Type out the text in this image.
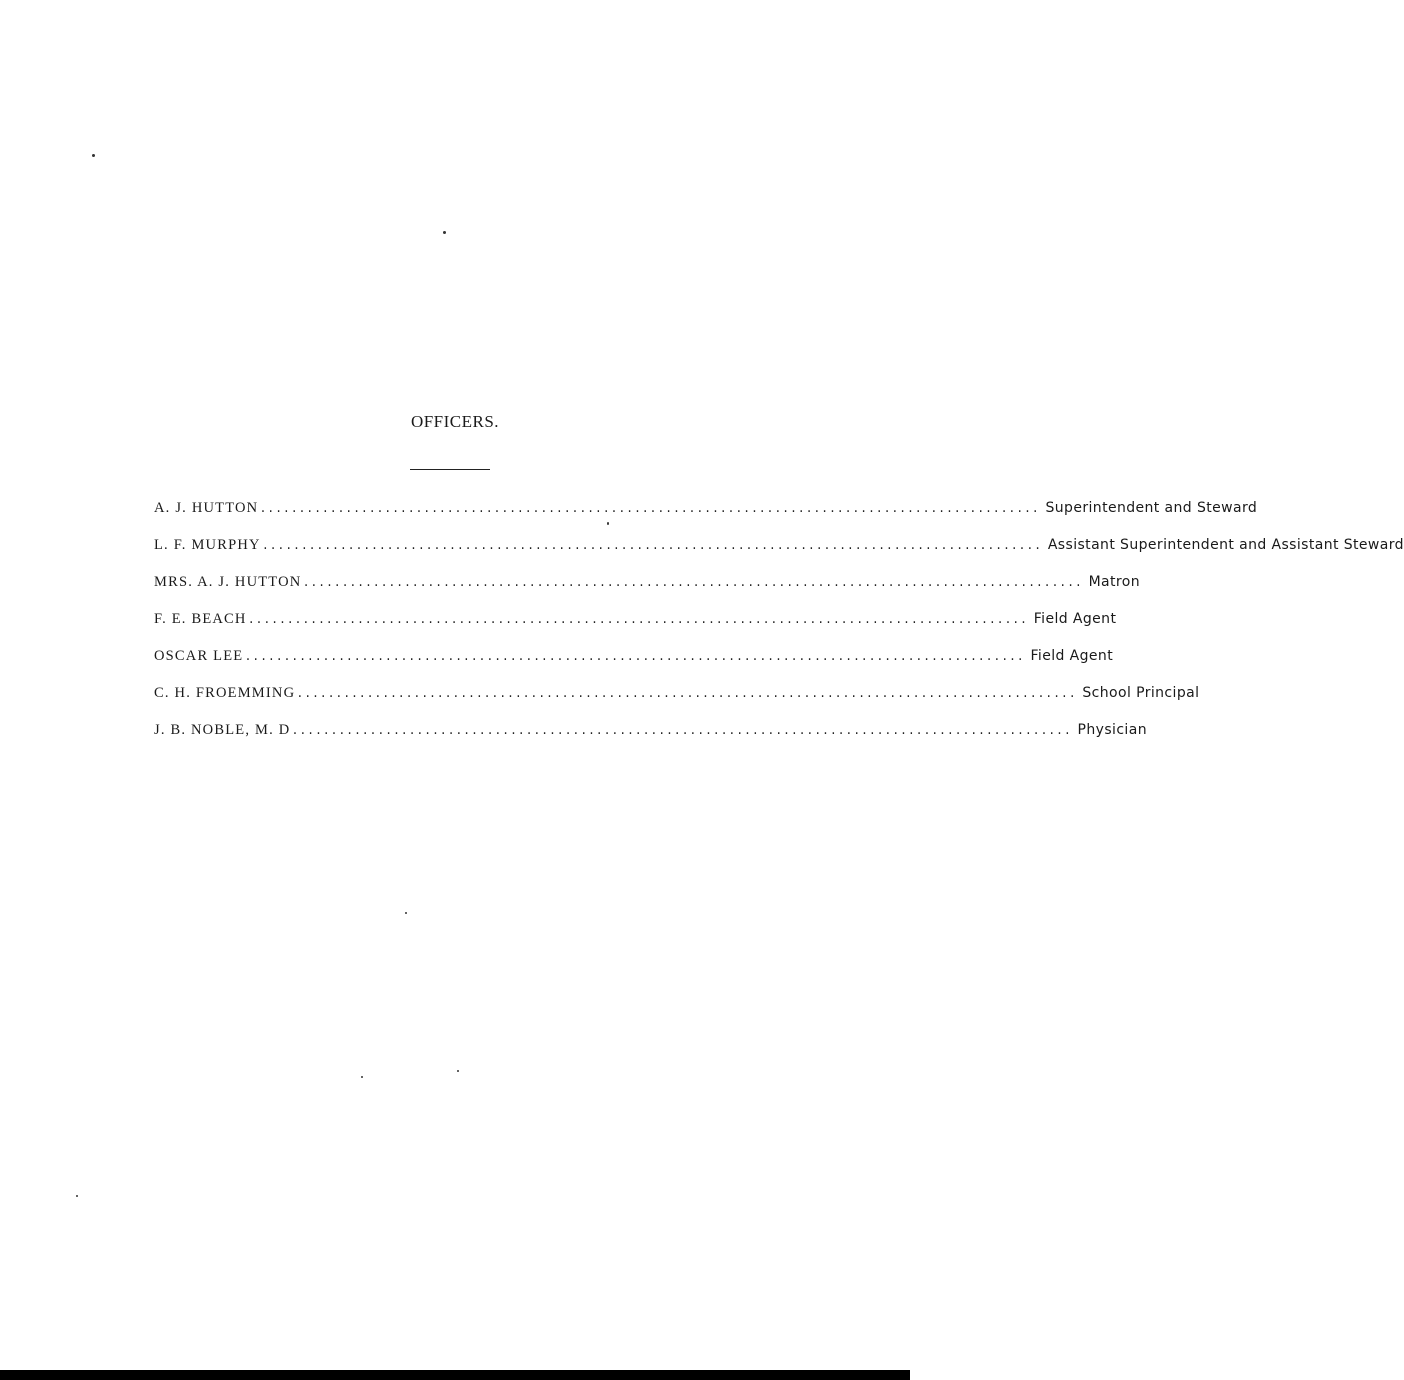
OFFICERS.
A. J. HUTTON .................................................................................................... Superintendent and Steward
L. F. MURPHY .................................................................................................... Assistant Superintendent and Assistant Steward
MRS. A. J. HUTTON .................................................................................................... Matron
F. E. BEACH .................................................................................................... Field Agent
OSCAR LEE .................................................................................................... Field Agent
C. H. FROEMMING .................................................................................................... School Principal
J. B. NOBLE, M. D .................................................................................................... Physician
